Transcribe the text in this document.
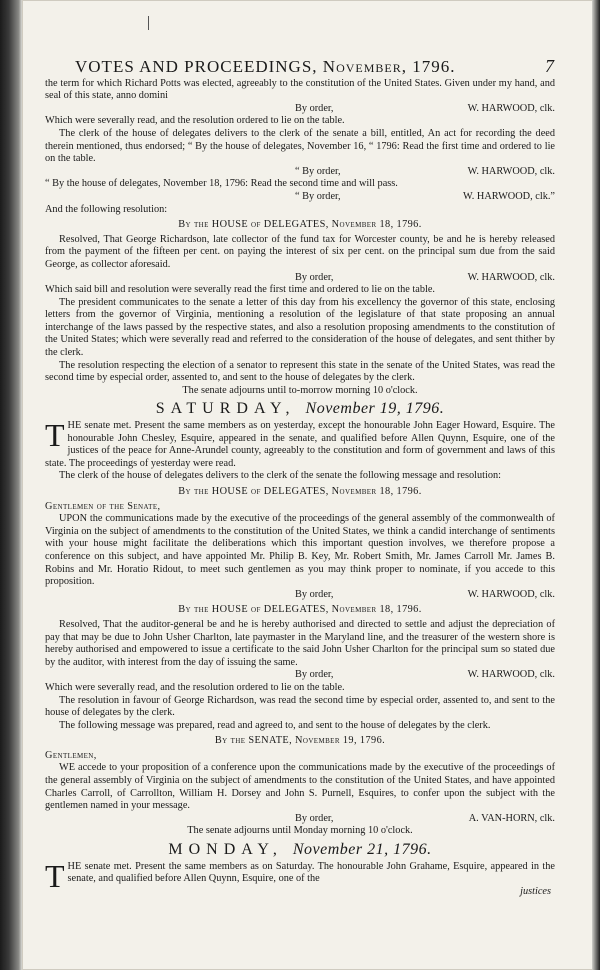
VOTES AND PROCEEDINGS, November, 1796.	7

the term for which Richard Potts was elected, agreeably to the constitution of the United States. Given under my hand, and seal of this state, anno domini

By order,	W. HARWOOD, clk.

Which were severally read, and the resolution ordered to lie on the table.

The clerk of the house of delegates delivers to the clerk of the senate a bill, entitled, An act for recording the deed therein mentioned, thus endorsed; “ By the house of delegates, November 16, “ 1796: Read the first time and ordered to lie on the table.

“ By order,	W. HARWOOD, clk.

“ By the house of delegates, November 18, 1796: Read the second time and will pass.

“ By order,	W. HARWOOD, clk.”

And the following resolution:

By the HOUSE of DELEGATES, November 18, 1796.

Resolved, That George Richardson, late collector of the fund tax for Worcester county, be and he is hereby released from the payment of the fifteen per cent. on paying the interest of six per cent. on the principal sum due from the said George, as collector aforesaid.

By order,	W. HARWOOD, clk.

Which said bill and resolution were severally read the first time and ordered to lie on the table.

The president communicates to the senate a letter of this day from his excellency the governor of this state, enclosing letters from the governor of Virginia, mentioning a resolution of the legislature of that state proposing an annual interchange of the laws passed by the respective states, and also a resolution proposing amendments to the constitution of the United States; which were severally read and referred to the consideration of the house of delegates, and sent thither by the clerk.

The resolution respecting the election of a senator to represent this state in the senate of the United States, was read the second time by especial order, assented to, and sent to the house of delegates by the clerk.

The senate adjourns until to-morrow morning 10 o'clock.

SATURDAY, November 19, 1796.

THE senate met. Present the same members as on yesterday, except the honourable John Eager Howard, Esquire. The honourable John Chesley, Esquire, appeared in the senate, and qualified before Allen Quynn, Esquire, one of the justices of the peace for Anne-Arundel county, agreeably to the constitution and form of government and laws of this state. The proceedings of yesterday were read.

The clerk of the house of delegates delivers to the clerk of the senate the following message and resolution:

By the HOUSE of DELEGATES, November 18, 1796.

Gentlemen of the Senate,

UPON the communications made by the executive of the proceedings of the general assembly of the commonwealth of Virginia on the subject of amendments to the constitution of the United States, we think a candid interchange of sentiments with your house might facilitate the deliberations which this important question involves, we therefore propose a conference on this subject, and have appointed Mr. Philip B. Key, Mr. Robert Smith, Mr. James Carroll Mr. James B. Robins and Mr. Horatio Ridout, to meet such gentlemen as you may think proper to nominate, if you accede to this proposition.

By order,	W. HARWOOD, clk.
By the HOUSE of DELEGATES, November 18, 1796.

Resolved, That the auditor-general be and he is hereby authorised and directed to settle and adjust the depreciation of pay that may be due to John Usher Charlton, late paymaster in the Maryland line, and the treasurer of the western shore is hereby authorised and empowered to issue a certificate to the said John Usher Charlton for the principal sum so stated due by the auditor, with interest from the day of issuing the same.

By order,	W. HARWOOD, clk.

Which were severally read, and the resolution ordered to lie on the table.

The resolution in favour of George Richardson, was read the second time by especial order, assented to, and sent to the house of delegates by the clerk.

The following message was prepared, read and agreed to, and sent to the house of delegates by the clerk.

By the SENATE, November 19, 1796.

Gentlemen,

WE accede to your proposition of a conference upon the communications made by the executive of the proceedings of the general assembly of Virginia on the subject of amendments to the constitution of the United States, and have appointed Charles Carroll, of Carrollton, William H. Dorsey and John S. Purnell, Esquires, to confer upon the subject with the gentlemen named in your message.

By order,	A. VAN-HORN, clk.

The senate adjourns until Monday morning 10 o'clock.

MONDAY, November 21, 1796.

THE senate met. Present the same members as on Saturday. The honourable John Grahame, Esquire, appeared in the senate, and qualified before Allen Quynn, Esquire, one of the

justices
